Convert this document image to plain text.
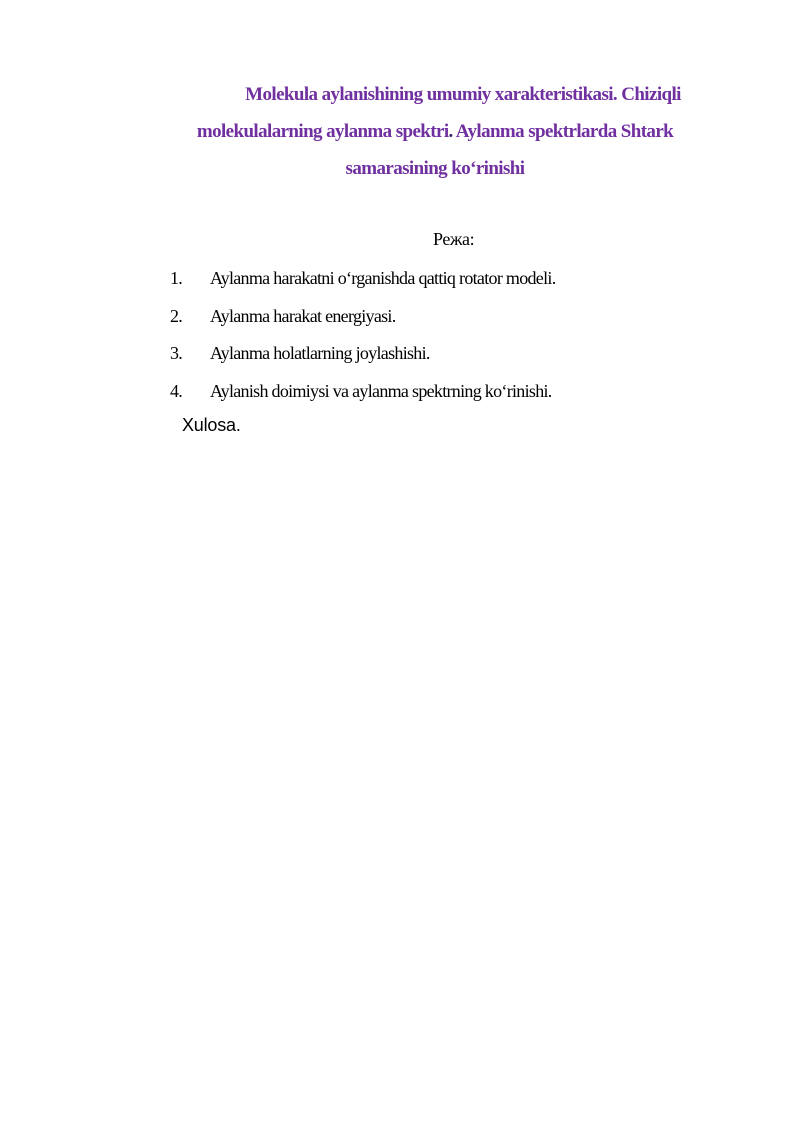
Molekula aylanishining umumiy xarakteristikasi. Chiziqli
molekulalarning aylanma spektri. Aylanma spektrlarda Shtark
samarasining ko‘rinishi
Режа:
1. Aylanma harakatni o‘rganishda qattiq rotator modeli.
2. Aylanma harakat energiyasi.
3. Aylanma holatlarning joylashishi.
4. Aylanish doimiysi va aylanma spektrning ko‘rinishi.
Xulosa.
